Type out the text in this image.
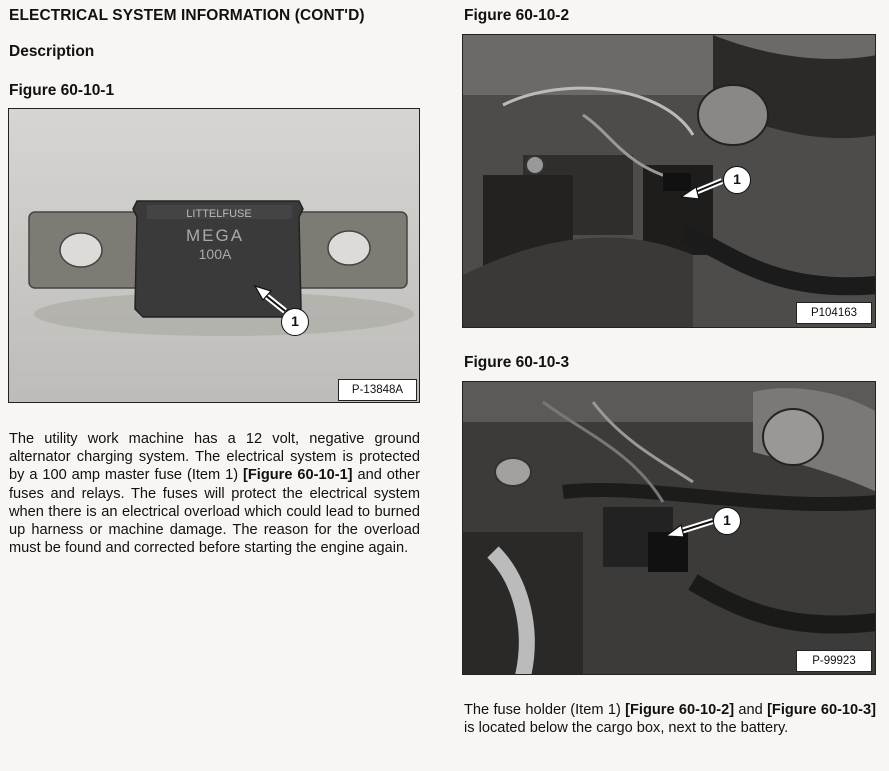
ELECTRICAL SYSTEM INFORMATION (CONT'D)
Description
Figure 60-10-1
LITTELFUSE
MEGA
100A
1
P-13848A

The utility work machine has a 12 volt, negative ground alternator charging system. The electrical system is protected by a 100 amp master fuse (Item 1) [Figure 60-10-1] and other fuses and relays. The fuses will protect the electrical system when there is an electrical overload which could lead to burned up harness or machine damage. The reason for the overload must be found and corrected before starting the engine again.

Figure 60-10-2
1
P104163
Figure 60-10-3
1
P-99923

The fuse holder (Item 1) [Figure 60-10-2] and [Figure 60-10-3] is located below the cargo box, next to the battery.
